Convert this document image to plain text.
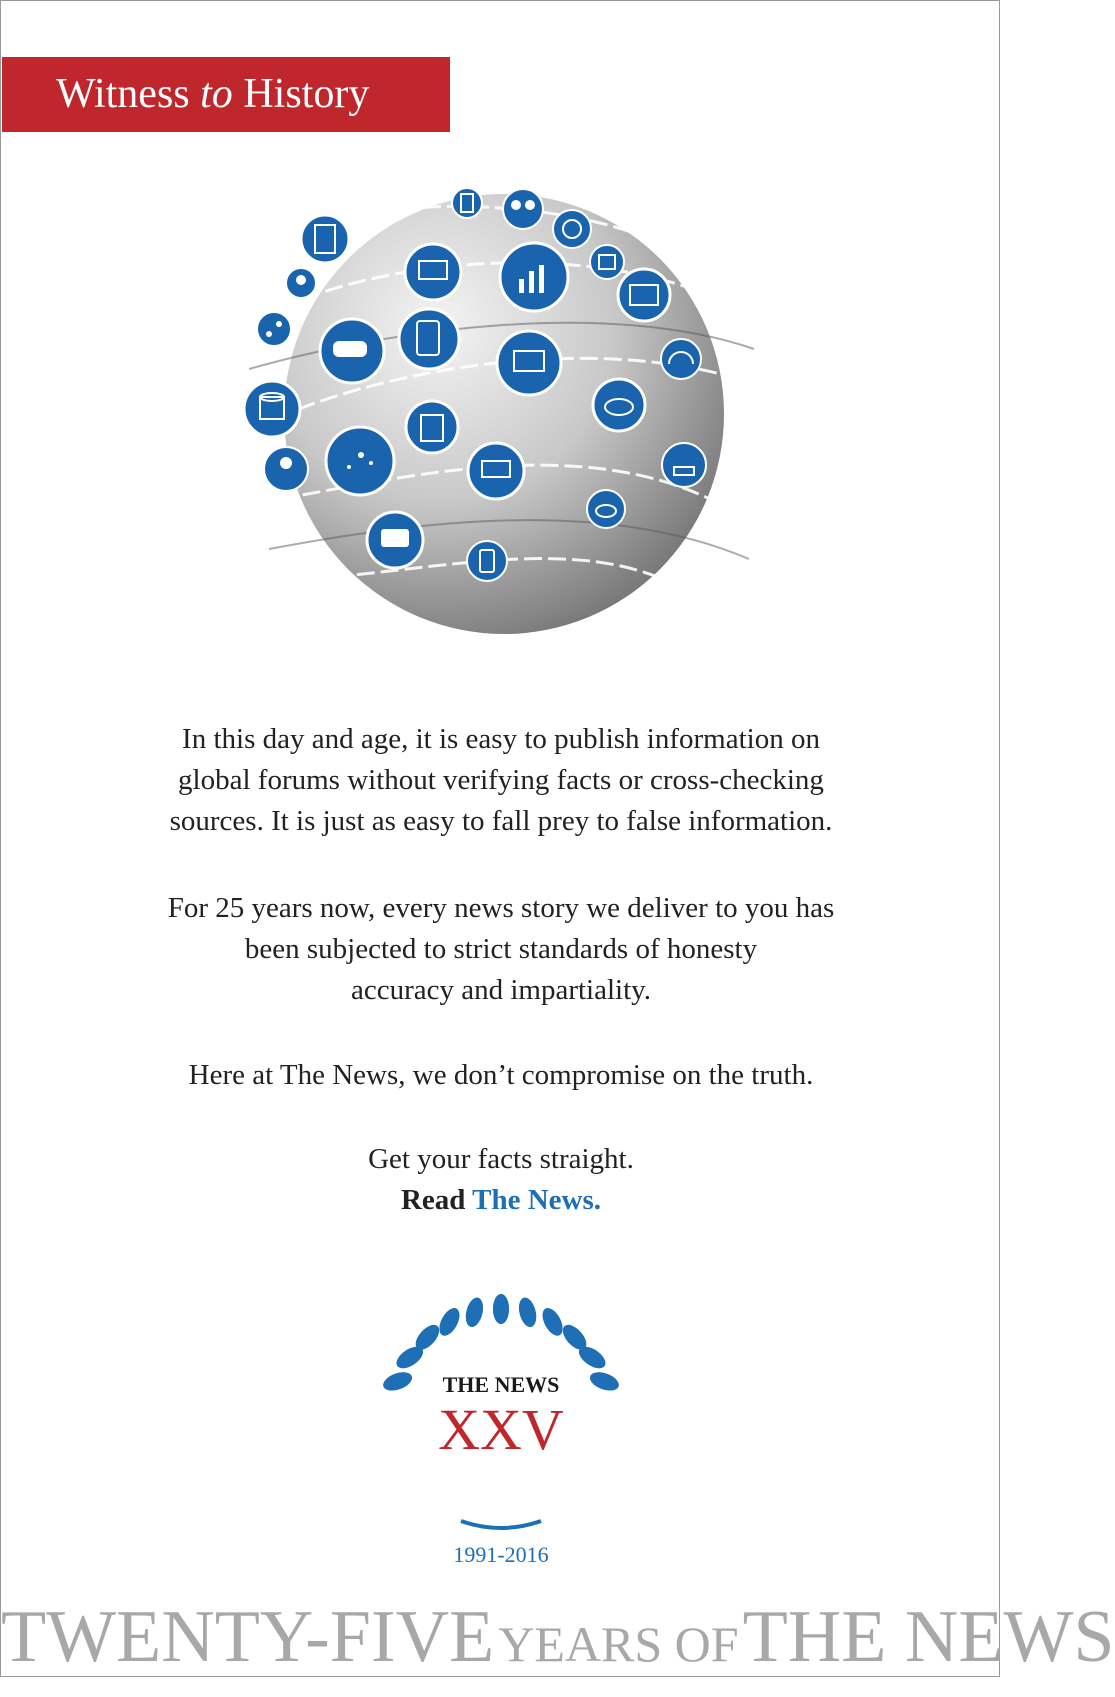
Witness to History

In this day and age, it is easy to publish information on

global forums without verifying facts or cross-checking

sources. It is just as easy to fall prey to false information.

For 25 years now, every news story we deliver to you has

been subjected to strict standards of honesty

accuracy and impartiality.

Here at The News, we don’t compromise on the truth.

Get your facts straight.

Read The News.

THE NEWS
XXV
1991-2016
TWENTY-FIVE YEARS OF THE NEWS
